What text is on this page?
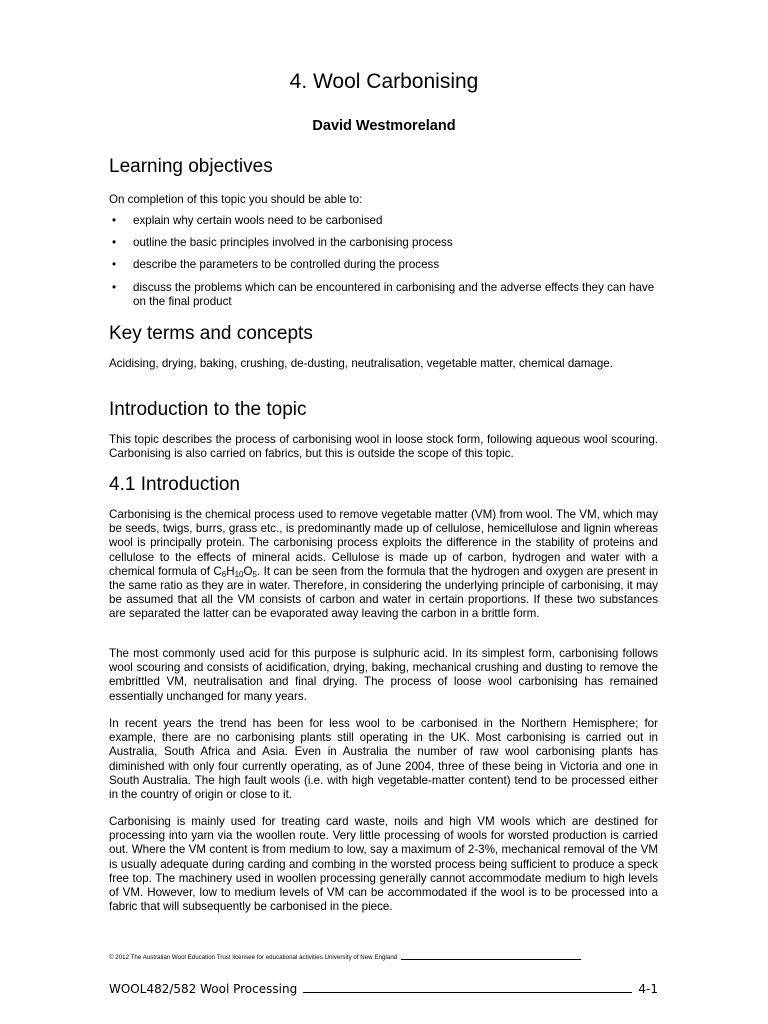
4. Wool Carbonising
David Westmoreland
Learning objectives

On completion of this topic you should be able to:

• explain why certain wools need to be carbonised
• outline the basic principles involved in the carbonising process
• describe the parameters to be controlled during the process
• discuss the problems which can be encountered in carbonising and the adverse effects they can have on the final product
Key terms and concepts

Acidising, drying, baking, crushing, de-dusting, neutralisation, vegetable matter, chemical damage.

Introduction to the topic

This topic describes the process of carbonising wool in loose stock form, following aqueous wool scouring. Carbonising is also carried on fabrics, but this is outside the scope of this topic.

4.1 Introduction

Carbonising is the chemical process used to remove vegetable matter (VM) from wool. The VM, which may be seeds, twigs, burrs, grass etc., is predominantly made up of cellulose, hemicellulose and lignin whereas wool is principally protein. The carbonising process exploits the difference in the stability of proteins and cellulose to the effects of mineral acids. Cellulose is made up of carbon, hydrogen and water with a chemical formula of $C_6H_{10}O_5$. It can be seen from the formula that the hydrogen and oxygen are present in the same ratio as they are in water. Therefore, in considering the underlying principle of carbonising, it may be assumed that all the VM consists of carbon and water in certain proportions. If these two substances are separated the latter can be evaporated away leaving the carbon in a brittle form.

The most commonly used acid for this purpose is sulphuric acid. In its simplest form, carbonising follows wool scouring and consists of acidification, drying, baking, mechanical crushing and dusting to remove the embrittled VM, neutralisation and final drying. The process of loose wool carbonising has remained essentially unchanged for many years.

In recent years the trend has been for less wool to be carbonised in the Northern Hemisphere; for example, there are no carbonising plants still operating in the UK. Most carbonising is carried out in Australia, South Africa and Asia. Even in Australia the number of raw wool carbonising plants has diminished with only four currently operating, as of June 2004, three of these being in Victoria and one in South Australia. The high fault wools (i.e. with high vegetable-matter content) tend to be processed either in the country of origin or close to it.

Carbonising is mainly used for treating card waste, noils and high VM wools which are destined for processing into yarn via the woollen route. Very little processing of wools for worsted production is carried out. Where the VM content is from medium to low, say a maximum of 2-3%, mechanical removal of the VM is usually adequate during carding and combing in the worsted process being sufficient to produce a speck free top. The machinery used in woollen processing generally cannot accommodate medium to high levels of VM. However, low to medium levels of VM can be accommodated if the wool is to be processed into a fabric that will subsequently be carbonised in the piece.

© 2012 The Australian Wool Education Trust licensee for educational activities University of New England
WOOL482/582 Wool Processing	4-1
